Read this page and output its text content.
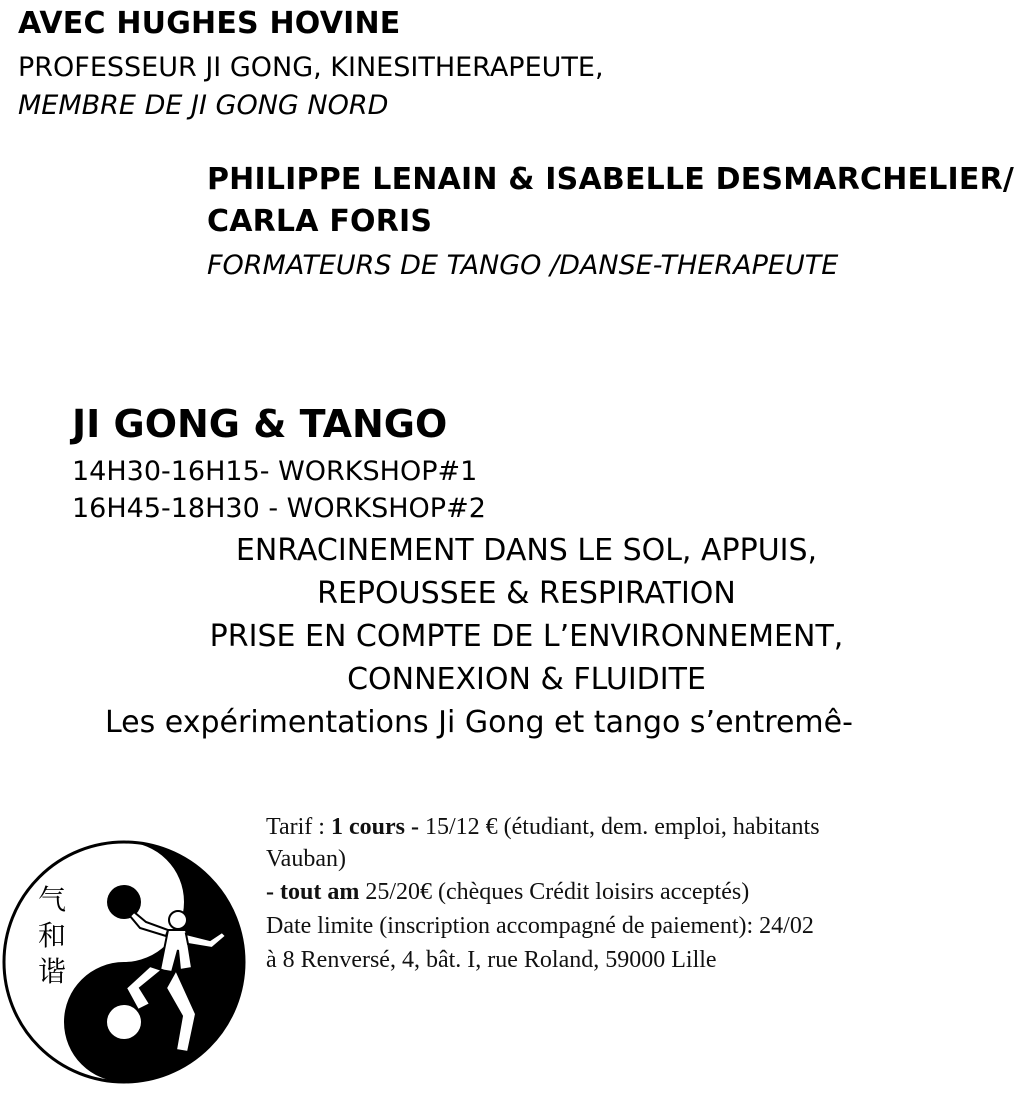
AVEC HUGHES HOVINE
PROFESSEUR JI GONG, KINESITHERAPEUTE,
MEMBRE DE JI GONG NORD
PHILIPPE LENAIN & ISABELLE DESMARCHELIER/
CARLA FORIS
FORMATEURS DE TANGO /DANSE-THERAPEUTE
JI GONG & TANGO
14H30-16H15- WORKSHOP#1
16H45-18H30 - WORKSHOP#2
ENRACINEMENT DANS LE SOL, APPUIS,
REPOUSSEE & RESPIRATION
PRISE EN COMPTE DE L’ENVIRONNEMENT,
CONNEXION & FLUIDITE
Les expérimentations Ji Gong et tango s’entremê-
Tarif : 1 cours - 15/12 € (étudiant, dem. emploi, habitants
Vauban)
- tout am 25/20€ (chèques Crédit loisirs acceptés)
Date limite (inscription accompagné de paiement): 24/02
à 8 Renversé, 4, bât. I, rue Roland, 59000 Lille
气
和
谐
